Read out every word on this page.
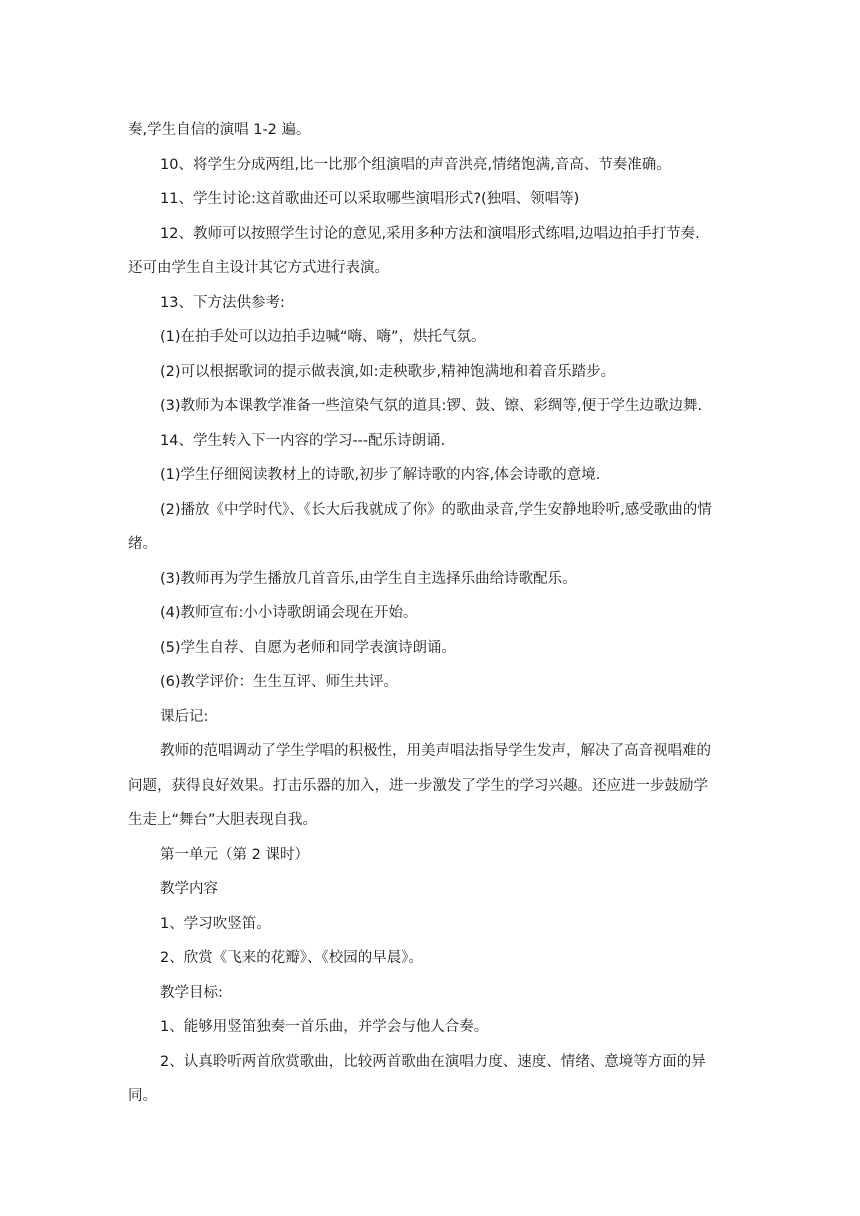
奏,学生自信的演唱 1-2 遍。
10、将学生分成两组,比一比那个组演唱的声音洪亮,情绪饱满,音高、节奏准确。
11、学生讨论:这首歌曲还可以采取哪些演唱形式?(独唱、领唱等)
12、教师可以按照学生讨论的意见,采用多种方法和演唱形式练唱,边唱边拍手打节奏.
还可由学生自主设计其它方式进行表演。
13、下方法供参考:
(1)在拍手处可以边拍手边喊“嗨、嗨”，烘托气氛。
(2)可以根据歌词的提示做表演,如:走秧歌步,精神饱满地和着音乐踏步。
(3)教师为本课教学准备一些渲染气氛的道具:锣、鼓、镲、彩绸等,便于学生边歌边舞.
14、学生转入下一内容的学习---配乐诗朗诵.
(1)学生仔细阅读教材上的诗歌,初步了解诗歌的内容,体会诗歌的意境.
(2)播放《中学时代》、《长大后我就成了你》的歌曲录音,学生安静地聆听,感受歌曲的情
绪。
(3)教师再为学生播放几首音乐,由学生自主选择乐曲给诗歌配乐。
(4)教师宣布:小小诗歌朗诵会现在开始。
(5)学生自荐、自愿为老师和同学表演诗朗诵。
(6)教学评价：生生互评、师生共评。
课后记:
教师的范唱调动了学生学唱的积极性，用美声唱法指导学生发声，解决了高音视唱难的
问题，获得良好效果。打击乐器的加入，进一步激发了学生的学习兴趣。还应进一步鼓励学
生走上“舞台”大胆表现自我。
第一单元（第 2 课时）
教学内容
1、学习吹竖笛。
2、欣赏《飞来的花瓣》、《校园的早晨》。
教学目标:
1、能够用竖笛独奏一首乐曲，并学会与他人合奏。
2、认真聆听两首欣赏歌曲，比较两首歌曲在演唱力度、速度、情绪、意境等方面的异
同。
